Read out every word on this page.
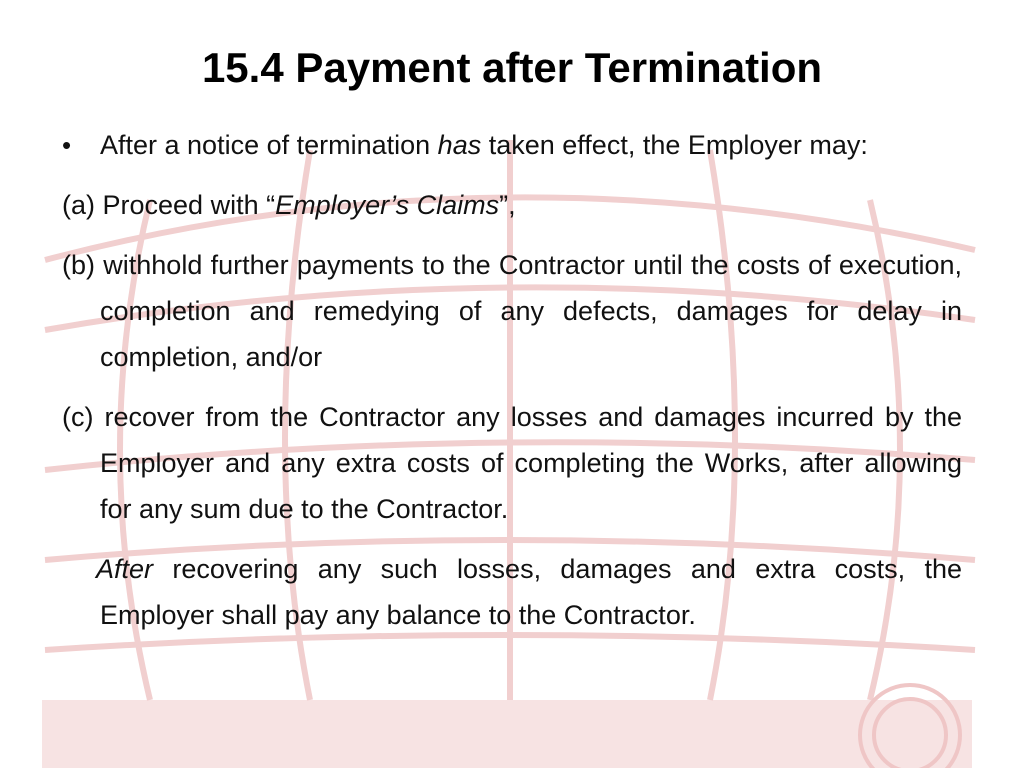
15.4 Payment after Termination

• After a notice of termination has taken effect, the Employer may:

(a) Proceed with “Employer’s Claims”,

(b) withhold further payments to the Contractor until the costs of execution, completion and remedying of any defects, damages for delay in completion, and/or

(c) recover from the Contractor any losses and damages incurred by the Employer and any extra costs of completing the Works, after allowing for any sum due to the Contractor.

After recovering any such losses, damages and extra costs, the Employer shall pay any balance to the Contractor.
